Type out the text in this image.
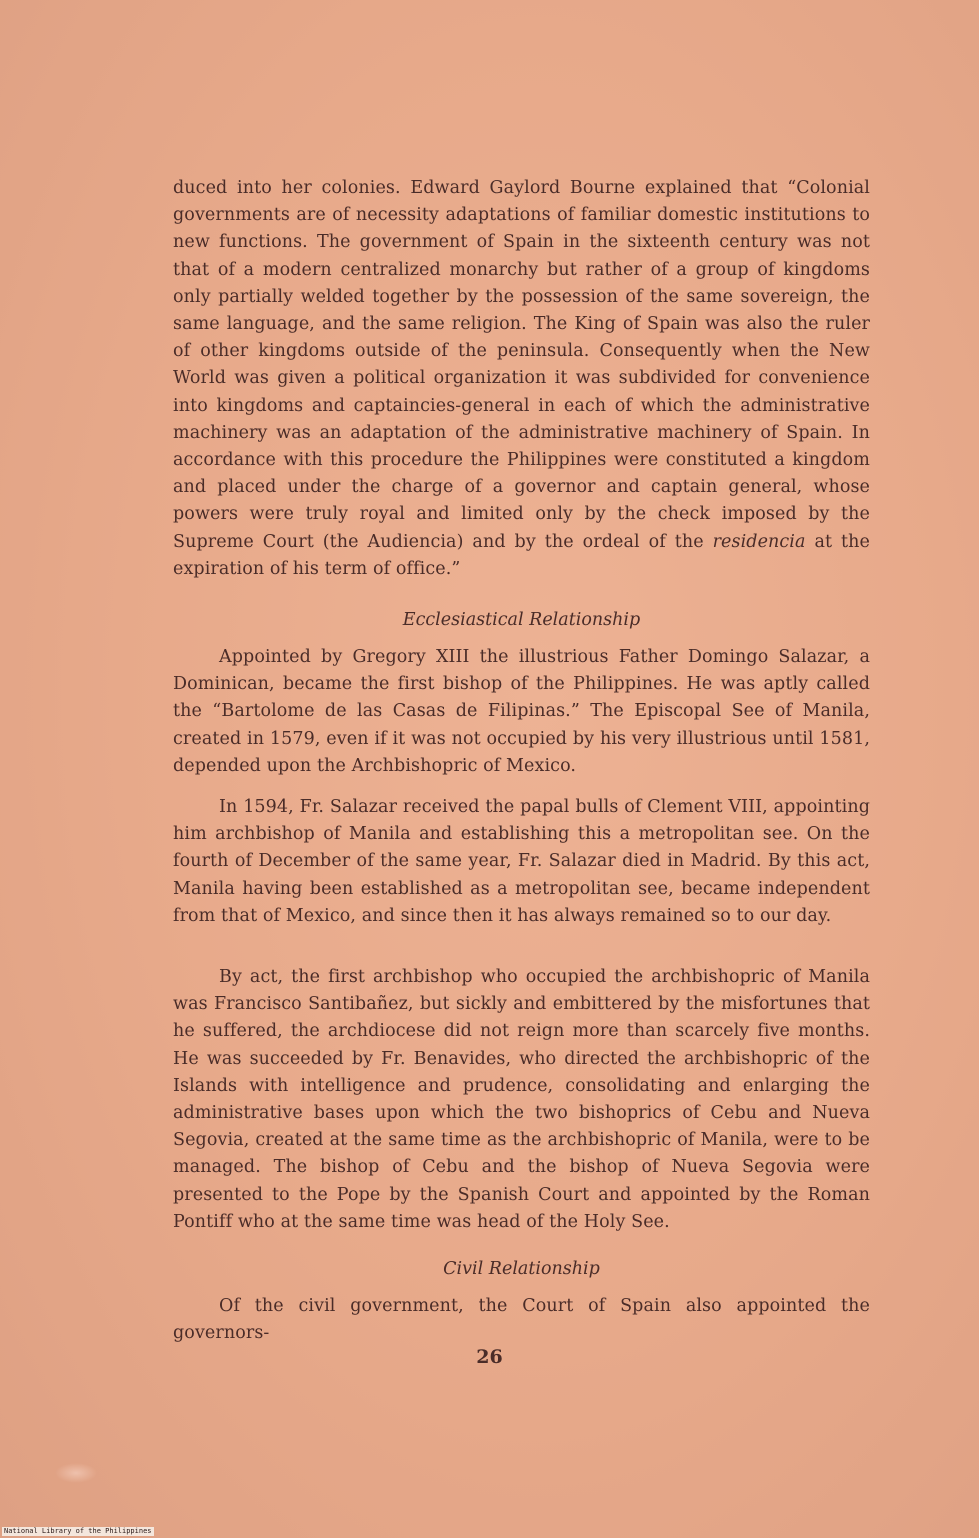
duced into her colonies. Edward Gaylord Bourne explained that “Colonial governments are of necessity adaptations of familiar domestic institutions to new functions. The government of Spain in the sixteenth century was not that of a modern centralized monarchy but rather of a group of kingdoms only partially welded together by the possession of the same sovereign, the same language, and the same religion. The King of Spain was also the ruler of other kingdoms outside of the peninsula. Consequently when the New World was given a political organization it was subdivided for convenience into kingdoms and captaincies-general in each of which the administrative machinery was an adaptation of the administrative machinery of Spain. In accordance with this procedure the Philippines were constituted a kingdom and placed under the charge of a governor and captain general, whose powers were truly royal and limited only by the check imposed by the Supreme Court (the Audiencia) and by the ordeal of the residencia at the expiration of his term of office.”

Ecclesiastical Relationship

Appointed by Gregory XIII the illustrious Father Domingo Salazar, a Dominican, became the first bishop of the Philippines. He was aptly called the “Bartolome de las Casas de Filipinas.” The Episcopal See of Manila, created in 1579, even if it was not occupied by his very illustrious until 1581, depended upon the Archbishopric of Mexico.

In 1594, Fr. Salazar received the papal bulls of Clement VIII, appointing him archbishop of Manila and establishing this a metropolitan see. On the fourth of December of the same year, Fr. Salazar died in Madrid. By this act, Manila having been established as a metropolitan see, became independent from that of Mexico, and since then it has always remained so to our day.

By act, the first archbishop who occupied the archbishopric of Manila was Francisco Santibañez, but sickly and embittered by the misfortunes that he suffered, the archdiocese did not reign more than scarcely five months. He was succeeded by Fr. Benavides, who directed the archbishopric of the Islands with intelligence and prudence, consolidating and enlarging the administrative bases upon which the two bishoprics of Cebu and Nueva Segovia, created at the same time as the archbishopric of Manila, were to be managed. The bishop of Cebu and the bishop of Nueva Segovia were presented to the Pope by the Spanish Court and appointed by the Roman Pontiff who at the same time was head of the Holy See.

Civil Relationship

Of the civil government, the Court of Spain also appointed the governors-

26
National Library of the Philippines
